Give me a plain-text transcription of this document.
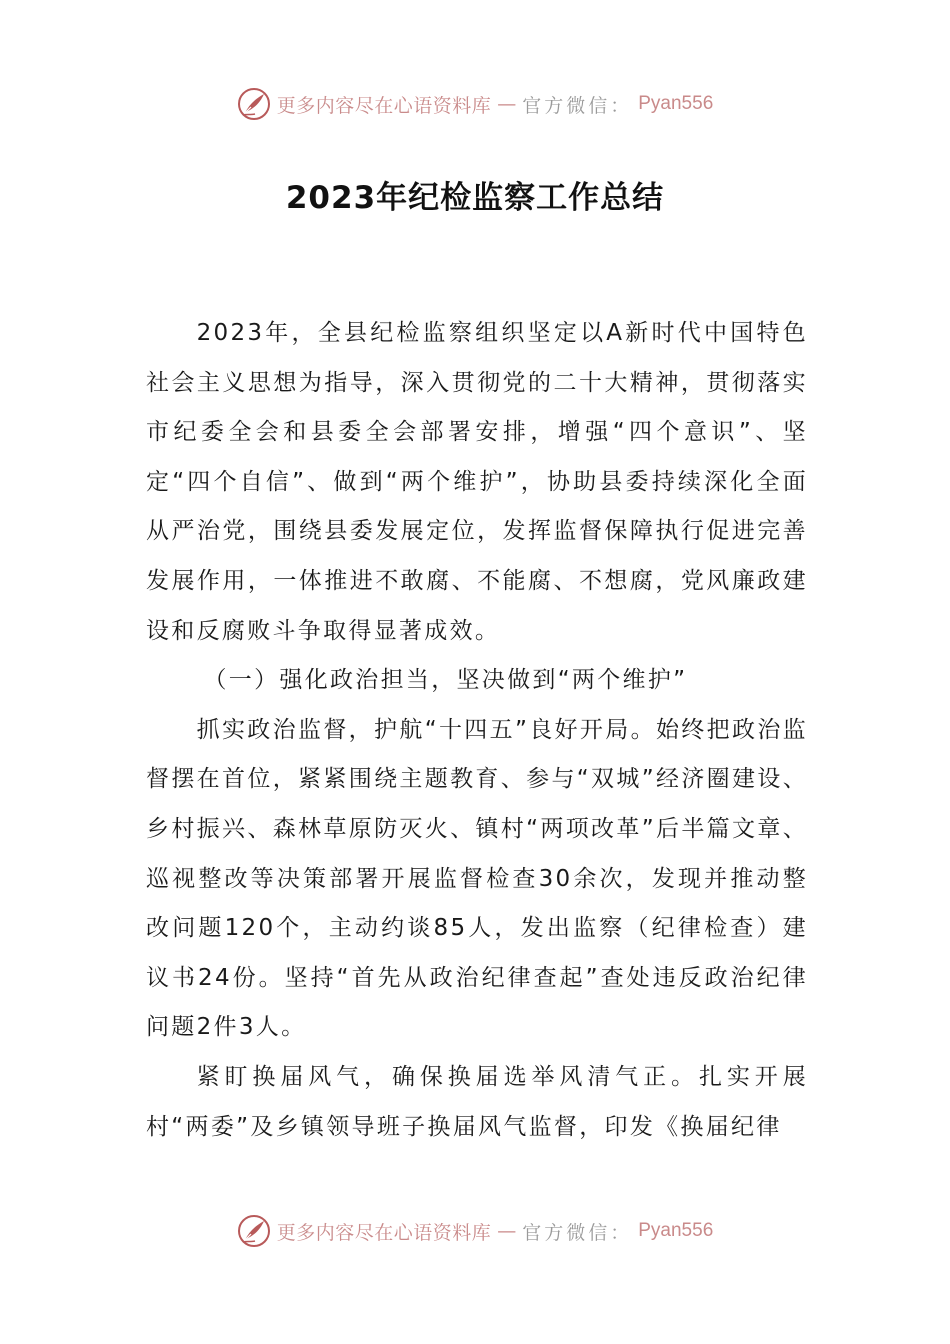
更多内容尽在心语资料库 — 官方微信： Pyan556
2023年纪检监察工作总结

2023年，全县纪检监察组织坚定以A新时代中国特色社会主义思想为指导，深入贯彻党的二十大精神，贯彻落实市纪委全会和县委全会部署安排，增强“四个意识”、坚定“四个自信”、做到“两个维护”，协助县委持续深化全面从严治党，围绕县委发展定位，发挥监督保障执行促进完善发展作用，一体推进不敢腐、不能腐、不想腐，党风廉政建设和反腐败斗争取得显著成效。

（一）强化政治担当，坚决做到“两个维护”

抓实政治监督，护航“十四五”良好开局。始终把政治监督摆在首位，紧紧围绕主题教育、参与“双城”经济圈建设、乡村振兴、森林草原防灭火、镇村“两项改革”后半篇文章、巡视整改等决策部署开展监督检查30余次，发现并推动整改问题120个，主动约谈85人，发出监察（纪律检查）建议书24份。坚持“首先从政治纪律查起”查处违反政治纪律问题2件3人。

紧盯换届风气，确保换届选举风清气正。扎实开展村“两委”及乡镇领导班子换届风气监督，印发《换届纪律

更多内容尽在心语资料库 — 官方微信： Pyan556
